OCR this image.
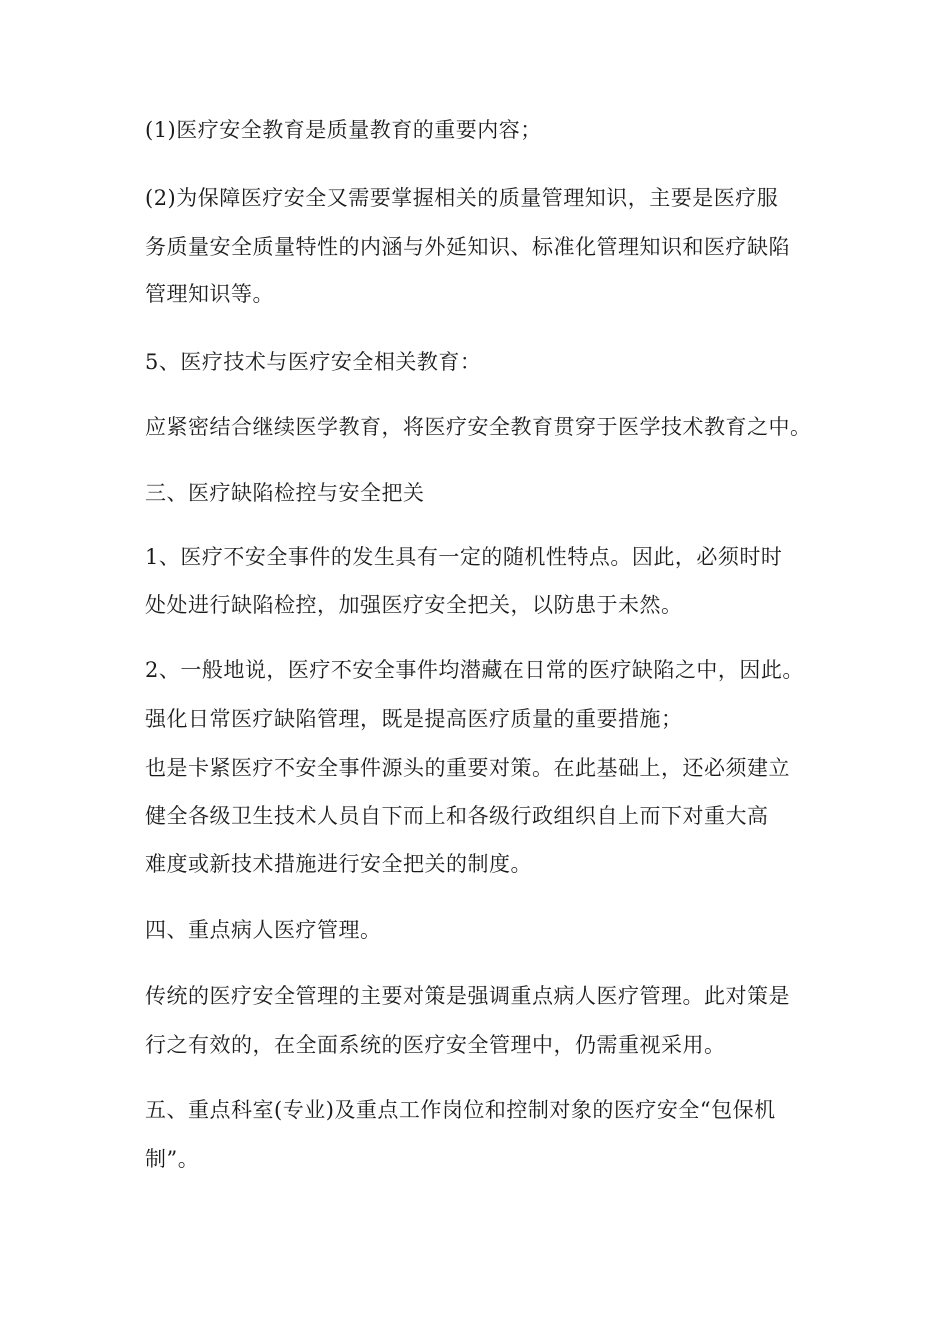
(1)医疗安全教育是质量教育的重要内容；
(2)为保障医疗安全又需要掌握相关的质量管理知识，主要是医疗服
务质量安全质量特性的内涵与外延知识、标准化管理知识和医疗缺陷
管理知识等。
5、医疗技术与医疗安全相关教育：
应紧密结合继续医学教育，将医疗安全教育贯穿于医学技术教育之中。
三、医疗缺陷检控与安全把关
1、医疗不安全事件的发生具有一定的随机性特点。因此，必须时时
处处进行缺陷检控，加强医疗安全把关，以防患于未然。
2、一般地说，医疗不安全事件均潜藏在日常的医疗缺陷之中，因此。
强化日常医疗缺陷管理，既是提高医疗质量的重要措施；
也是卡紧医疗不安全事件源头的重要对策。在此基础上，还必须建立
健全各级卫生技术人员自下而上和各级行政组织自上而下对重大高
难度或新技术措施进行安全把关的制度。
四、重点病人医疗管理。
传统的医疗安全管理的主要对策是强调重点病人医疗管理。此对策是
行之有效的，在全面系统的医疗安全管理中，仍需重视采用。
五、重点科室(专业)及重点工作岗位和控制对象的医疗安全“包保机
制”。
